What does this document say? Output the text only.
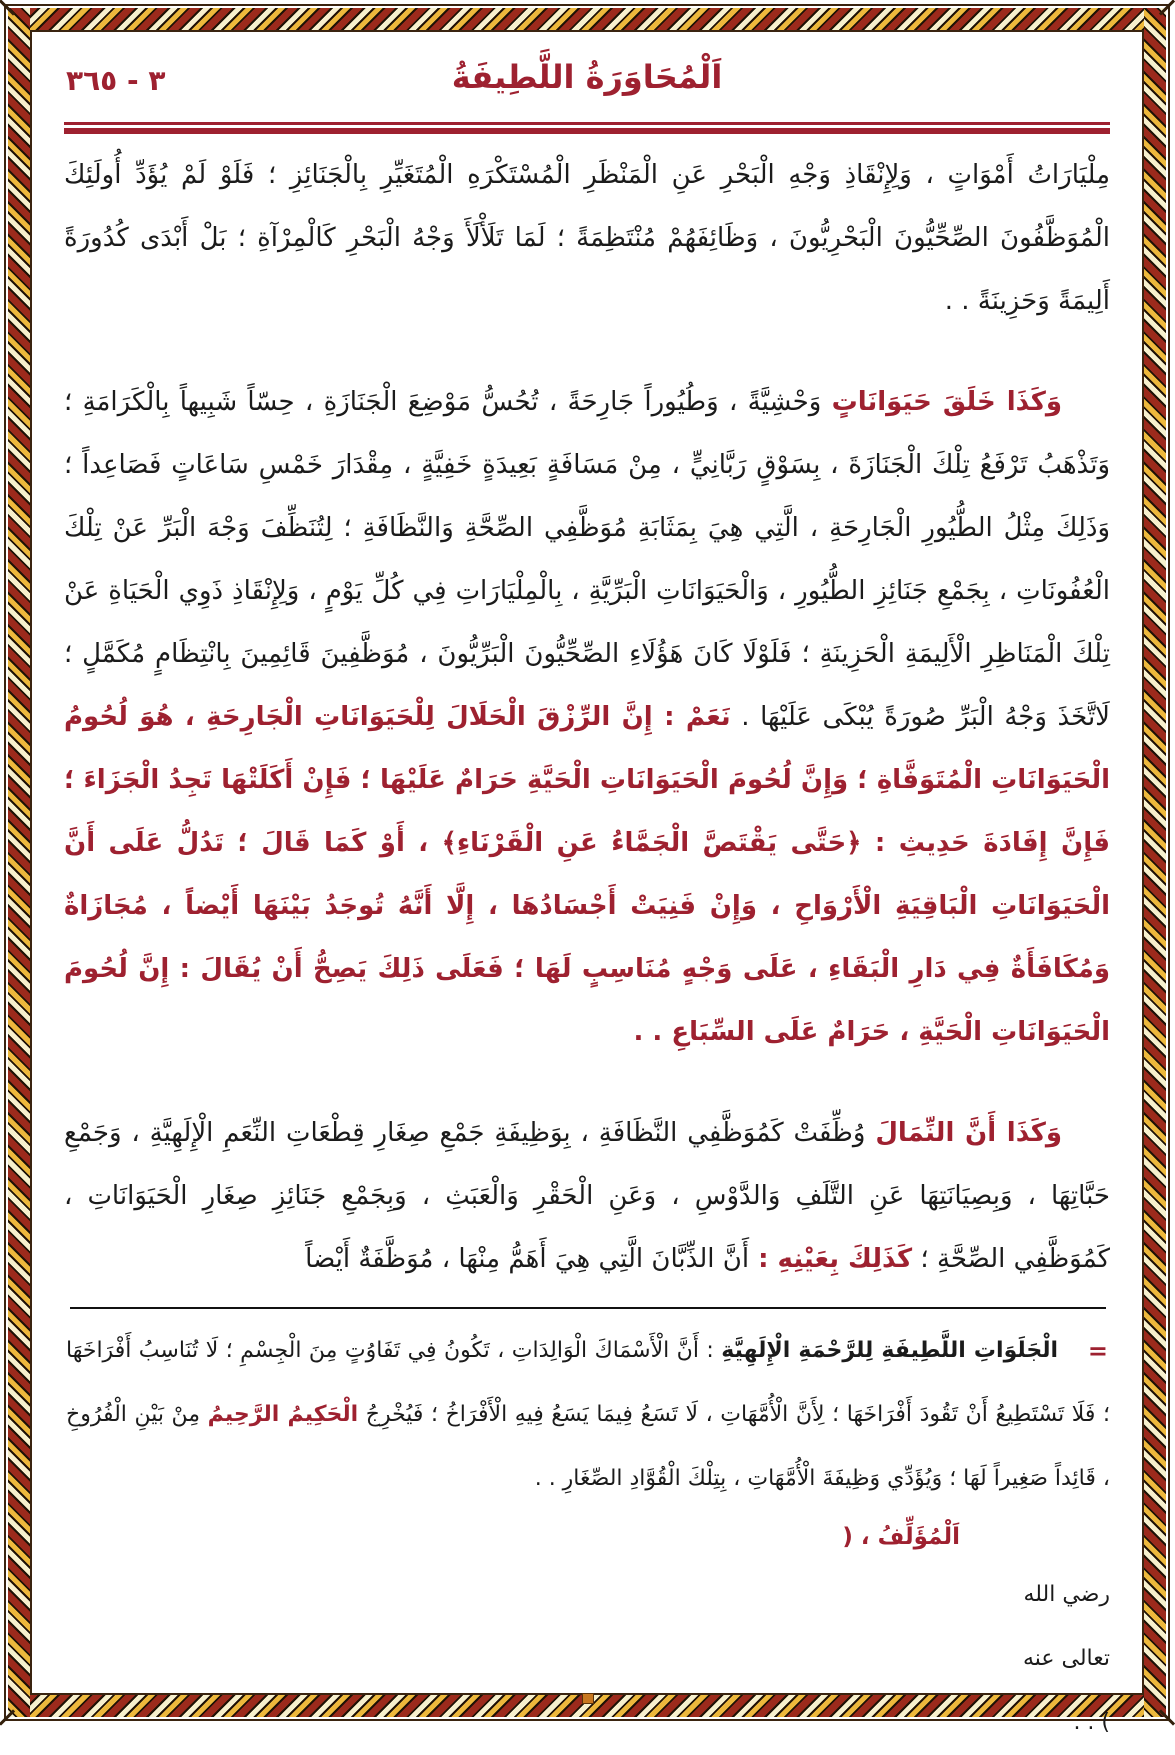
٣٦٥ - ٣	اَلْمُحَاوَرَةُ اللَّطِيفَةُ

مِلْيَارَاتُ أَمْوَاتٍ ، وَلِإِنْقَاذِ وَجْهِ الْبَحْرِ عَنِ الْمَنْظَرِ الْمُسْتَكْرَهِ الْمُتَغَيِّرِ بِالْجَنَائِزِ ؛ فَلَوْ لَمْ يُؤَدِّ أُولَئِكَ الْمُوَظَّفُونَ الصِّحِّيُّونَ الْبَحْرِيُّونَ ، وَظَائِفَهُمْ مُنْتَظِمَةً ؛ لَمَا تَلَأْلَأَ وَجْهُ الْبَحْرِ كَالْمِرْآةِ ؛ بَلْ أَبْدَى كُدُورَةً أَلِيمَةً وَحَزِينَةً . .

وَكَذَا خَلَقَ حَيَوَانَاتٍ وَحْشِيَّةً ، وَطُيُوراً جَارِحَةً ، تُحُسُّ مَوْضِعَ الْجَنَازَةِ ، حِسّاً شَبِيهاً بِالْكَرَامَةِ ؛ وَتَذْهَبُ تَرْفَعُ تِلْكَ الْجَنَازَةَ ، بِسَوْقٍ رَبَّانِيٍّ ، مِنْ مَسَافَةٍ بَعِيدَةٍ خَفِيَّةٍ ، مِقْدَارَ خَمْسِ سَاعَاتٍ فَصَاعِداً ؛ وَذَلِكَ مِثْلُ الطُّيُورِ الْجَارِحَةِ ، الَّتِي هِيَ بِمَثَابَةِ مُوَظَّفِي الصِّحَّةِ وَالنَّظَافَةِ ؛ لِتُنَظِّفَ وَجْهَ الْبَرِّ عَنْ تِلْكَ الْعُفُونَاتِ ، بِجَمْعِ جَنَائِزِ الطُّيُورِ ، وَالْحَيَوَانَاتِ الْبَرِّيَّةِ ، بِالْمِلْيَارَاتِ فِي كُلِّ يَوْمٍ ، وَلِإِنْقَاذِ ذَوِي الْحَيَاةِ عَنْ تِلْكَ الْمَنَاظِرِ الْأَلِيمَةِ الْحَزِينَةِ ؛ فَلَوْلَا كَانَ هَؤُلَاءِ الصِّحِّيُّونَ الْبَرِّيُّونَ ، مُوَظَّفِينَ قَائِمِينَ بِانْتِظَامٍ مُكَمَّلٍ ؛ لَاتَّخَذَ وَجْهُ الْبَرِّ صُورَةً يُبْكَى عَلَيْهَا . نَعَمْ : إِنَّ الرِّزْقَ الْحَلَالَ لِلْحَيَوَانَاتِ الْجَارِحَةِ ، هُوَ لُحُومُ الْحَيَوَانَاتِ الْمُتَوَفَّاةِ ؛ وَإِنَّ لُحُومَ الْحَيَوَانَاتِ الْحَيَّةِ حَرَامٌ عَلَيْهَا ؛ فَإِنْ أَكَلَتْهَا تَجِدُ الْجَزَاءَ ؛ فَإِنَّ إِفَادَةَ حَدِيثِ : ﴿حَتَّى يَقْتَصَّ الْجَمَّاءُ عَنِ الْقَرْنَاءِ﴾ ، أَوْ كَمَا قَالَ ؛ تَدُلُّ عَلَى أَنَّ الْحَيَوَانَاتِ الْبَاقِيَةِ الْأَرْوَاحِ ، وَإِنْ فَنِيَتْ أَجْسَادُهَا ، إِلَّا أَنَّهُ تُوجَدُ بَيْنَهَا أَيْضاً ، مُجَازَاةٌ وَمُكَافَأَةٌ فِي دَارِ الْبَقَاءِ ، عَلَى وَجْهٍ مُنَاسِبٍ لَهَا ؛ فَعَلَى ذَلِكَ يَصِحُّ أَنْ يُقَالَ : إِنَّ لُحُومَ الْحَيَوَانَاتِ الْحَيَّةِ ، حَرَامٌ عَلَى السِّبَاعِ . .

وَكَذَا أَنَّ النِّمَالَ وُظِّفَتْ كَمُوَظَّفِي النَّظَافَةِ ، بِوَظِيفَةِ جَمْعِ صِغَارِ قِطْعَاتِ النِّعَمِ الْإِلَهِيَّةِ ، وَجَمْعِ حَبَّاتِهَا ، وَبِصِيَانَتِهَا عَنِ التَّلَفِ وَالدَّوْسِ ، وَعَنِ الْحَقْرِ وَالْعَبَثِ ، وَبِجَمْعِ جَنَائِزِ صِغَارِ الْحَيَوَانَاتِ ، كَمُوَظَّفِي الصِّحَّةِ ؛ كَذَلِكَ بِعَيْنِهِ : أَنَّ الذِّبَّانَ الَّتِي هِيَ أَهَمُّ مِنْهَا ، مُوَظَّفَةٌ أَيْضاً

=

الْجَلَوَاتِ اللَّطِيفَةِ لِلرَّحْمَةِ الْإِلَهِيَّةِ : أَنَّ الْأَسْمَاكَ الْوَالِدَاتِ ، تَكُونُ فِي تَفَاوُتٍ مِنَ الْجِسْمِ ؛ لَا تُنَاسِبُ أَفْرَاخَهَا ؛ فَلَا تَسْتَطِيعُ أَنْ تَقُودَ أَفْرَاخَهَا ؛ لِأَنَّ الْأُمَّهَاتِ ، لَا تَسَعُ فِيمَا يَسَعُ فِيهِ الْأَفْرَاخُ ؛ فَيُخْرِجُ الْحَكِيمُ الرَّحِيمُ مِنْ بَيْنِ الْفُرُوخِ ، قَائِداً صَغِيراً لَهَا ؛ وَيُؤَدِّي وَظِيفَةَ الْأُمَّهَاتِ ، بِتِلْكَ الْقُوَّادِ الصِّغَارِ . .

اَلْمُؤَلِّفُ ، (

رضي الله
تعالى عنه
) . .
